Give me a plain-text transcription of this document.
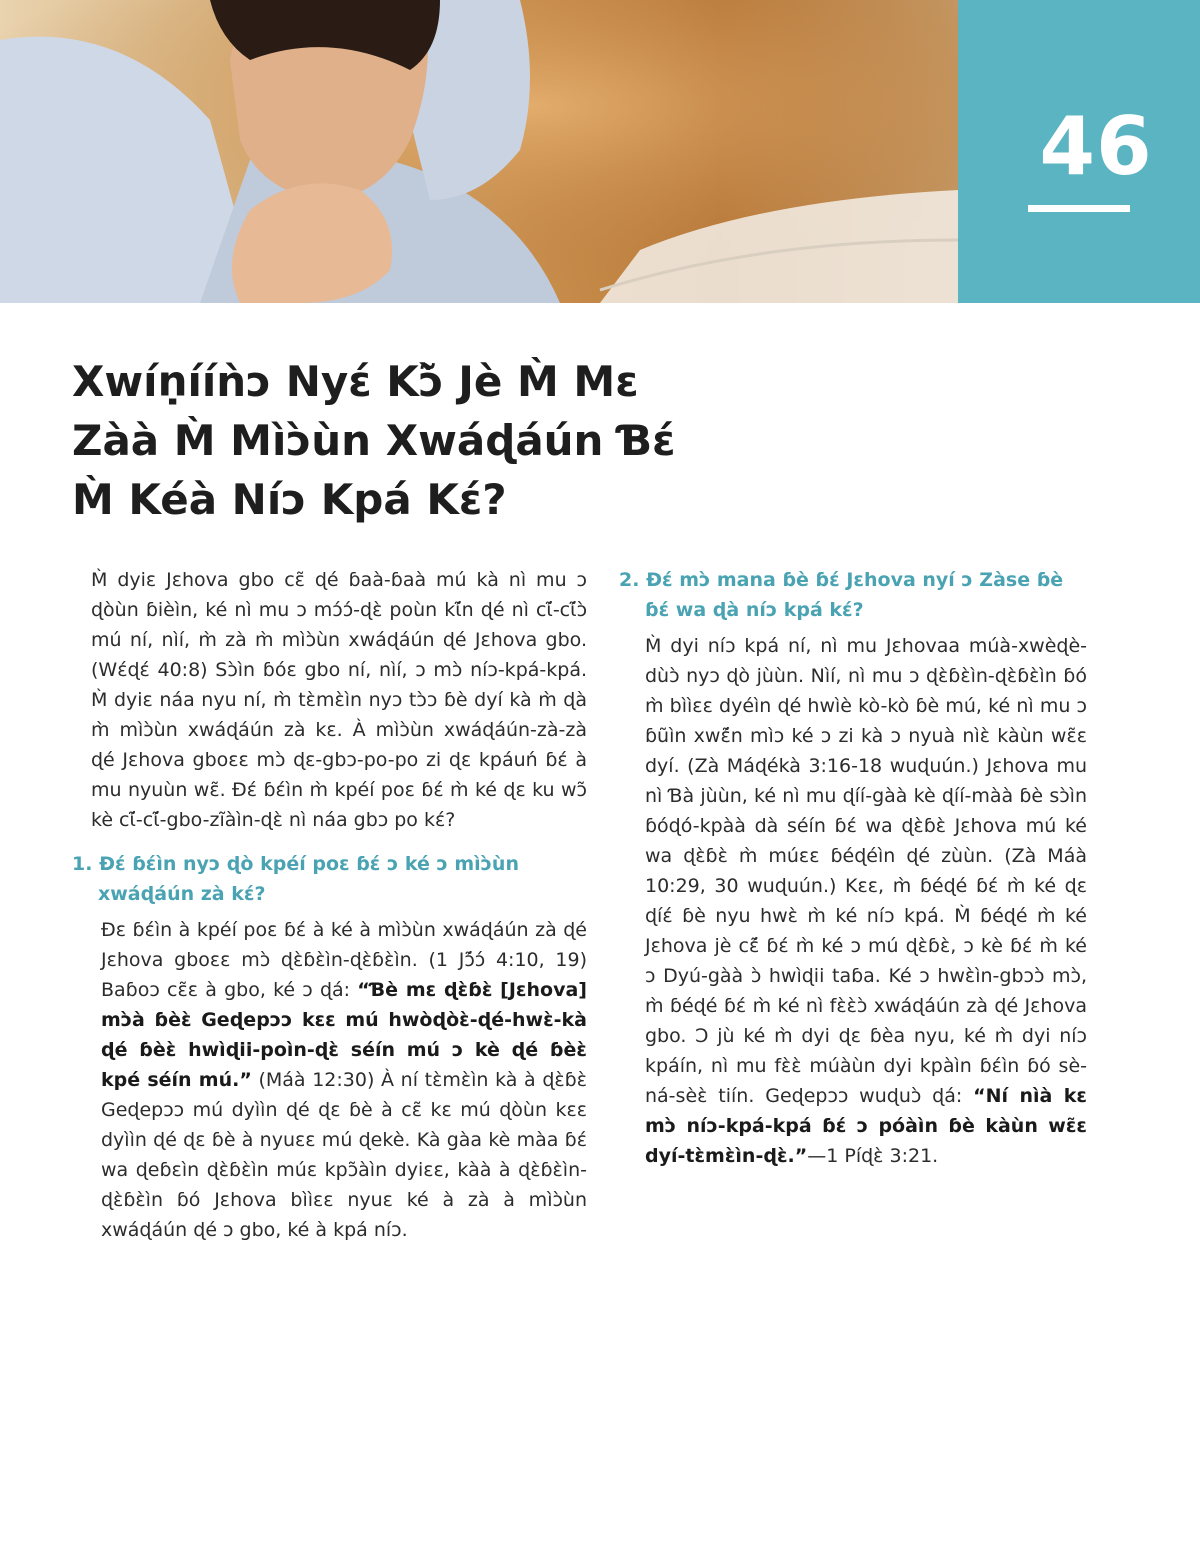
46
Xwíṇííǹɔ Nyɛ́ Kɔ̃̀ Jè M̀ Mɛ
Zàà M̀ Mìɔ̀ùn Xwáɖáún Ɓɛ́
M̀ Kéà Níɔ Kpá Kɛ́?

M̀ dyiɛ Jɛhova gbo cɛ̃ ɖé ɓaà-ɓaà mú kà nì mu ɔ ɖòùn ɓièìn, ké nì mu ɔ mɔ́ɔ́-ɖɛ̀ poùn kɩ̃́n ɖé nì cɩ̃́-cɩ̃́ɔ̀ mú ní, nìí, m̀ zà m̀ mìɔ̀ùn xwáɖáún ɖé Jɛhova gbo. (Wɛ́ɖɛ́ 40:8) Sɔ̀ìn ɓóɛ gbo ní, nìí, ɔ mɔ̀ níɔ-kpá-kpá. M̀ dyiɛ náa nyu ní, m̀ tɛ̀mɛ̀ìn nyɔ tɔ̀ɔ ɓè dyí kà m̀ ɖà m̀ mìɔ̀ùn xwáɖáún zà kɛ. À mìɔ̀ùn xwáɖáún-zà-zà ɖé Jɛhova gboɛɛ mɔ̀ ɖɛ-gbɔ-po-po zi ɖɛ kpáuń ɓɛ́ à mu nyuùn wɛ̃. Ɖɛ́ ɓɛ́ìn m̀ kpéí poɛ ɓɛ́ m̀ ké ɖɛ ku wɔ̃ kè cɩ̃́-cɩ̃́-gbo-zĩàìn-ɖɛ̀ nì náa gbɔ po kɛ́?

1. Ɖɛ́ ɓɛ́ìn nyɔ ɖò kpéí poɛ ɓɛ́ ɔ ké ɔ mìɔ̀ùn xwáɖáún zà kɛ́?

Ɖɛ ɓɛ́ìn à kpéí poɛ ɓɛ́ à ké à mìɔ̀ùn xwáɖáún zà ɖé Jɛhova gboɛɛ mɔ̀ ɖɛ̀ɓɛ̀ìn-ɖɛ̀ɓɛ̀ìn. (1 Jɔ̃́ɔ́ 4:10, 19) Baɓoɔ cɛ̃ɛ à gbo, ké ɔ ɖá: “Ɓè mɛ ɖɛ̀ɓɛ̀ [Jɛhova] mɔ̀à ɓèɛ̀ Geɖepɔɔ kɛɛ mú hwòɖòɛ̀-ɖé-hwɛ̀-kà ɖé ɓèɛ̀ hwìɖii-poìn-ɖɛ̀ séín mú ɔ kè ɖé ɓèɛ̀ kpé séín mú.” (Máà 12:30) À ní tɛ̀mɛ̀ìn kà à ɖɛ̀ɓɛ̀ Geɖepɔɔ mú dyììn ɖé ɖɛ ɓè à cɛ̃ kɛ mú ɖòùn kɛɛ dyììn ɖé ɖɛ ɓè à nyuɛɛ mú ɖekè. Kà gàa kè màa ɓɛ́ wa ɖeɓɛìn ɖɛ̀ɓɛ̀ìn múɛ kpɔ̃àìn dyiɛɛ, kàà à ɖɛ̀ɓɛ̀ìn-ɖɛ̀ɓɛ̀ìn ɓó Jɛhova bììɛɛ nyuɛ ké à zà à mìɔ̀ùn xwáɖáún ɖé ɔ gbo, ké à kpá níɔ.

2. Ɖɛ́ mɔ̀ mana ɓè ɓɛ́ Jɛhova nyí ɔ Zàse ɓè ɓɛ́ wa ɖà níɔ kpá kɛ́?

M̀ dyi níɔ kpá ní, nì mu Jɛhovaa múà-xwèɖè-dùɔ̀ nyɔ ɖò jùùn. Nìí, nì mu ɔ ɖɛ̀ɓɛ̀ìn-ɖɛ̀ɓɛ̀ìn ɓó m̀ bììɛɛ dyéìn ɖé hwìè kò-kò ɓè mú, ké nì mu ɔ ɓũìn xwɛ̃́n mìɔ ké ɔ zi kà ɔ nyuà nìɛ̀ kàùn wɛ̃ɛ dyí. (Zà Máɖékà 3:16-18 wuɖuún.) Jɛhova mu nì Ɓà jùùn, ké nì mu ɖíí-gàà kè ɖíí-màà ɓè sɔ̀ìn ɓóɖó-kpàà dà séín ɓɛ́ wa ɖɛ̀ɓɛ̀ Jɛhova mú ké wa ɖɛ̀ɓɛ̀ m̀ múɛɛ ɓéɖéìn ɖé zùùn. (Zà Máà 10:29, 30 wuɖuún.) Kɛɛ, m̀ ɓéɖé ɓɛ́ m̀ ké ɖɛ ɖíɛ́ ɓè nyu hwɛ̀ m̀ ké níɔ kpá. M̀ ɓéɖé m̀ ké Jɛhova jè cɛ̃́ ɓɛ́ m̀ ké ɔ mú ɖɛ̀ɓɛ̀, ɔ kè ɓɛ́ m̀ ké ɔ Dyú-gàà ɔ̀ hwìɖii taɓa. Ké ɔ hwɛ̀ìn-gbɔɔ̀ mɔ̀, m̀ ɓéɖé ɓɛ́ m̀ ké nì fɛ̀ɛ̀ɔ̀ xwáɖáún zà ɖé Jɛhova gbo. Ɔ jù ké m̀ dyi ɖɛ ɓèa nyu, ké m̀ dyi níɔ kpáín, nì mu fɛ̀ɛ̀ múàùn dyi kpàìn ɓɛ́ìn ɓó sè-ná-sèɛ̀ tiín. Geɖepɔɔ wuɖuɔ̀ ɖá: “Ní nìà kɛ mɔ̀ níɔ-kpá-kpá ɓɛ́ ɔ póàìn ɓè kàùn wɛ̃ɛ dyí-tɛ̀mɛ̀ìn-ɖɛ̀.”—1 Píɖɛ̀ 3:21.
